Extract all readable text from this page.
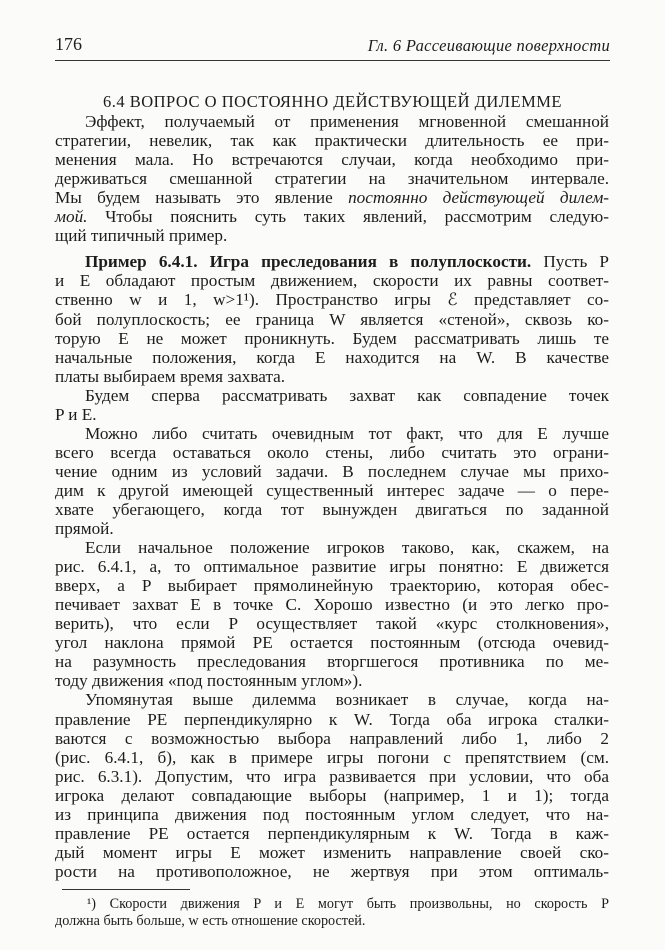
176	Гл. 6 Рассеивающие поверхности
6.4 ВОПРОС О ПОСТОЯННО ДЕЙСТВУЮЩЕЙ ДИЛЕММЕ
Эффект, получаемый от применения мгновенной смешанной
стратегии, невелик, так как практически длительность ее при-
менения мала. Но встречаются случаи, когда необходимо при-
держиваться смешанной стратегии на значительном интервале.
Мы будем называть это явление постоянно действующей дилем-
мой. Чтобы пояснить суть таких явлений, рассмотрим следую-
щий типичный пример.
Пример 6.4.1. Игра преследования в полуплоскости. Пусть P
и E обладают простым движением, скорости их равны соответ-
ственно w и 1, w>1¹). Пространство игры ℰ представляет со-
бой полуплоскость; ее граница W является «стеной», сквозь ко-
торую E не может проникнуть. Будем рассматривать лишь те
начальные положения, когда E находится на W. В качестве
платы выбираем время захвата.
Будем сперва рассматривать захват как совпадение точек
P и E.
Можно либо считать очевидным тот факт, что для E лучше
всего всегда оставаться около стены, либо считать это ограни-
чение одним из условий задачи. В последнем случае мы прихо-
дим к другой имеющей существенный интерес задаче — о пере-
хвате убегающего, когда тот вынужден двигаться по заданной
прямой.
Если начальное положение игроков таково, как, скажем, на
рис. 6.4.1, а, то оптимальное развитие игры понятно: E движется
вверх, а P выбирает прямолинейную траекторию, которая обес-
печивает захват E в точке C. Хорошо известно (и это легко про-
верить), что если P осуществляет такой «курс столкновения»,
угол наклона прямой PE остается постоянным (отсюда очевид-
на разумность преследования вторгшегося противника по ме-
тоду движения «под постоянным углом»).
Упомянутая выше дилемма возникает в случае, когда на-
правление PE перпендикулярно к W. Тогда оба игрока сталки-
ваются с возможностью выбора направлений либо 1, либо 2
(рис. 6.4.1, б), как в примере игры погони с препятствием (см.
рис. 6.3.1). Допустим, что игра развивается при условии, что оба
игрока делают совпадающие выборы (например, 1 и 1); тогда
из принципа движения под постоянным углом следует, что на-
правление PE остается перпендикулярным к W. Тогда в каж-
дый момент игры E может изменить направление своей ско-
рости на противоположное, не жертвуя при этом оптималь-
¹) Скорости движения P и E могут быть произвольны, но скорость P
должна быть больше, w есть отношение скоростей.
